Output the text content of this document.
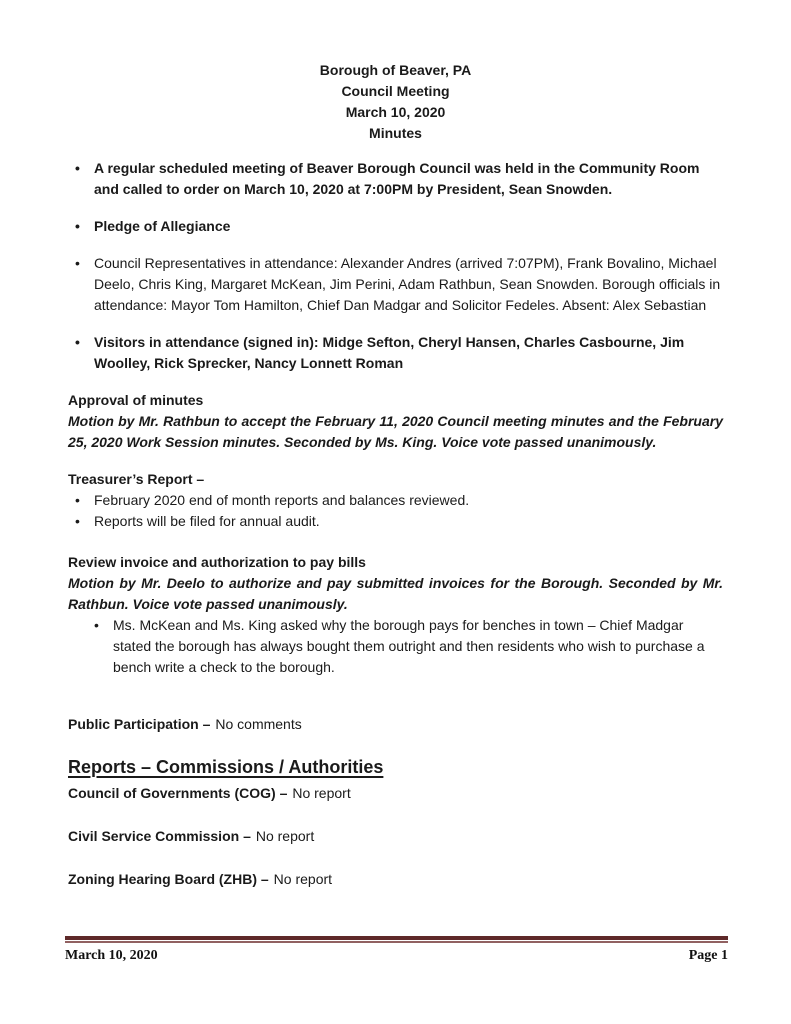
Borough of Beaver, PA
Council Meeting
March 10, 2020
Minutes
•	A regular scheduled meeting of Beaver Borough Council was held in the Community Room and called to order on March 10, 2020 at 7:00PM by President, Sean Snowden.
•	Pledge of Allegiance
•	Council Representatives in attendance: Alexander Andres (arrived 7:07PM), Frank Bovalino, Michael Deelo, Chris King, Margaret McKean, Jim Perini, Adam Rathbun, Sean Snowden. Borough officials in attendance: Mayor Tom Hamilton, Chief Dan Madgar and Solicitor Fedeles. Absent: Alex Sebastian
•	Visitors in attendance (signed in): Midge Sefton, Cheryl Hansen, Charles Casbourne, Jim Woolley, Rick Sprecker, Nancy Lonnett Roman
Approval of minutes
Motion by Mr. Rathbun to accept the February 11, 2020 Council meeting minutes and the February 25, 2020 Work Session minutes. Seconded by Ms. King. Voice vote passed unanimously.
Treasurer’s Report –
•	February 2020 end of month reports and balances reviewed.
•	Reports will be filed for annual audit.
Review invoice and authorization to pay bills
Motion by Mr. Deelo to authorize and pay submitted invoices for the Borough. Seconded by Mr. Rathbun. Voice vote passed unanimously.
•	Ms. McKean and Ms. King asked why the borough pays for benches in town – Chief Madgar stated the borough has always bought them outright and then residents who wish to purchase a bench write a check to the borough.
Public Participation – No comments
Reports – Commissions / Authorities
Council of Governments (COG) – No report
Civil Service Commission – No report
Zoning Hearing Board (ZHB) – No report
March 10, 2020	Page 1
